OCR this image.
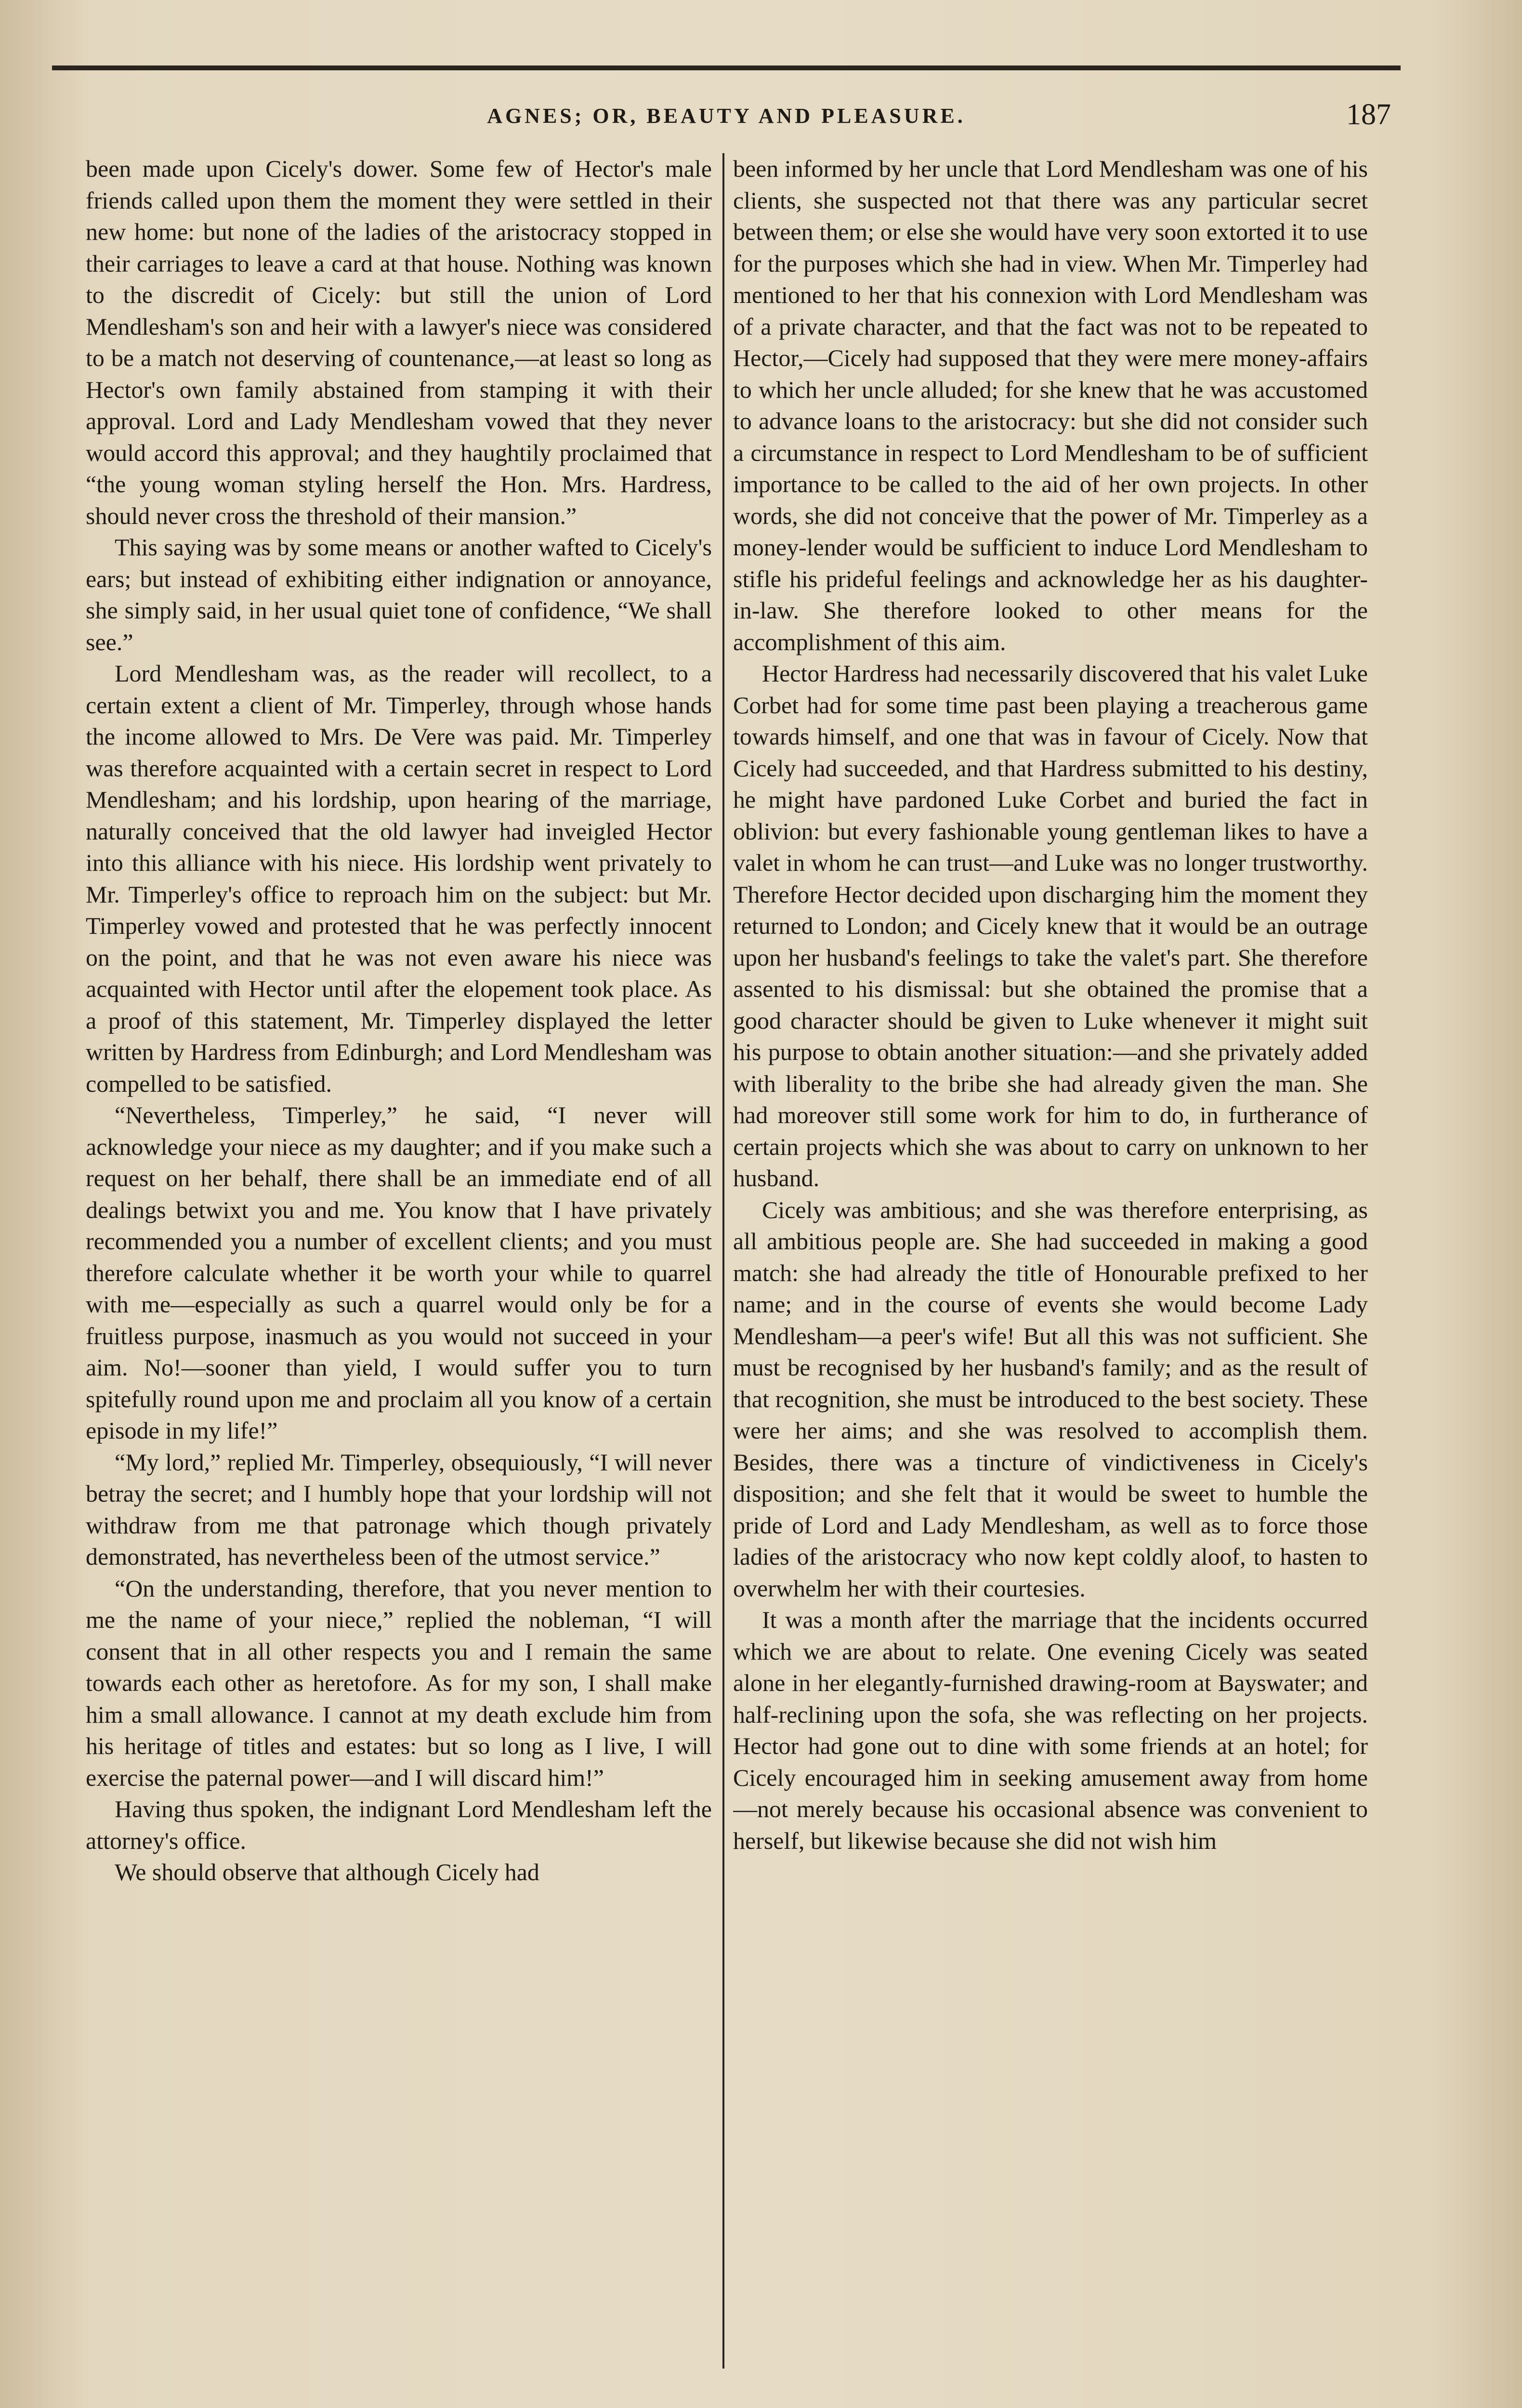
AGNES; OR, BEAUTY AND PLEASURE.	187

been made upon Cicely's dower. Some few of Hector's male friends called upon them the moment they were settled in their new home: but none of the ladies of the aristocracy stopped in their carriages to leave a card at that house. Nothing was known to the discredit of Cicely: but still the union of Lord Mendlesham's son and heir with a lawyer's niece was considered to be a match not deserving of countenance,—at least so long as Hector's own family abstained from stamping it with their approval. Lord and Lady Mendlesham vowed that they never would accord this approval; and they haughtily proclaimed that “the young woman styling herself the Hon. Mrs. Hardress, should never cross the threshold of their mansion.”

This saying was by some means or another wafted to Cicely's ears; but instead of exhibiting either indignation or annoyance, she simply said, in her usual quiet tone of confidence, “We shall see.”

Lord Mendlesham was, as the reader will recollect, to a certain extent a client of Mr. Timperley, through whose hands the income allowed to Mrs. De Vere was paid. Mr. Timperley was therefore acquainted with a certain secret in respect to Lord Mendlesham; and his lordship, upon hearing of the marriage, naturally conceived that the old lawyer had inveigled Hector into this alliance with his niece. His lordship went privately to Mr. Timperley's office to reproach him on the subject: but Mr. Timperley vowed and protested that he was perfectly innocent on the point, and that he was not even aware his niece was acquainted with Hector until after the elopement took place. As a proof of this statement, Mr. Timperley displayed the letter written by Hardress from Edinburgh; and Lord Mendlesham was compelled to be satisfied.

“Nevertheless, Timperley,” he said, “I never will acknowledge your niece as my daughter; and if you make such a request on her behalf, there shall be an immediate end of all dealings betwixt you and me. You know that I have privately recommended you a number of excellent clients; and you must therefore calculate whether it be worth your while to quarrel with me—especially as such a quarrel would only be for a fruitless purpose, inasmuch as you would not succeed in your aim. No!—sooner than yield, I would suffer you to turn spitefully round upon me and proclaim all you know of a certain episode in my life!”

“My lord,” replied Mr. Timperley, obsequiously, “I will never betray the secret; and I humbly hope that your lordship will not withdraw from me that patronage which though privately demonstrated, has nevertheless been of the utmost service.”

“On the understanding, therefore, that you never mention to me the name of your niece,” replied the nobleman, “I will consent that in all other respects you and I remain the same towards each other as heretofore. As for my son, I shall make him a small allowance. I cannot at my death exclude him from his heritage of titles and estates: but so long as I live, I will exercise the paternal power—and I will discard him!”

Having thus spoken, the indignant Lord Mendlesham left the attorney's office.

We should observe that although Cicely had

been informed by her uncle that Lord Mendlesham was one of his clients, she suspected not that there was any particular secret between them; or else she would have very soon extorted it to use for the purposes which she had in view. When Mr. Timperley had mentioned to her that his connexion with Lord Mendlesham was of a private character, and that the fact was not to be repeated to Hector,—Cicely had supposed that they were mere money-affairs to which her uncle alluded; for she knew that he was accustomed to advance loans to the aristocracy: but she did not consider such a circumstance in respect to Lord Mendlesham to be of sufficient importance to be called to the aid of her own projects. In other words, she did not conceive that the power of Mr. Timperley as a money-lender would be sufficient to induce Lord Mendlesham to stifle his prideful feelings and acknowledge her as his daughter-in-law. She therefore looked to other means for the accomplishment of this aim.

Hector Hardress had necessarily discovered that his valet Luke Corbet had for some time past been playing a treacherous game towards himself, and one that was in favour of Cicely. Now that Cicely had succeeded, and that Hardress submitted to his destiny, he might have pardoned Luke Corbet and buried the fact in oblivion: but every fashionable young gentleman likes to have a valet in whom he can trust—and Luke was no longer trustworthy. Therefore Hector decided upon discharging him the moment they returned to London; and Cicely knew that it would be an outrage upon her husband's feelings to take the valet's part. She therefore assented to his dismissal: but she obtained the promise that a good character should be given to Luke whenever it might suit his purpose to obtain another situation:—and she privately added with liberality to the bribe she had already given the man. She had moreover still some work for him to do, in furtherance of certain projects which she was about to carry on unknown to her husband.

Cicely was ambitious; and she was therefore enterprising, as all ambitious people are. She had succeeded in making a good match: she had already the title of Honourable prefixed to her name; and in the course of events she would become Lady Mendlesham—a peer's wife! But all this was not sufficient. She must be recognised by her husband's family; and as the result of that recognition, she must be introduced to the best society. These were her aims; and she was resolved to accomplish them. Besides, there was a tincture of vindictiveness in Cicely's disposition; and she felt that it would be sweet to humble the pride of Lord and Lady Mendlesham, as well as to force those ladies of the aristocracy who now kept coldly aloof, to hasten to overwhelm her with their courtesies.

It was a month after the marriage that the incidents occurred which we are about to relate. One evening Cicely was seated alone in her elegantly-furnished drawing-room at Bayswater; and half-reclining upon the sofa, she was reflecting on her projects. Hector had gone out to dine with some friends at an hotel; for Cicely encouraged him in seeking amusement away from home—not merely because his occasional absence was convenient to herself, but likewise because she did not wish him
